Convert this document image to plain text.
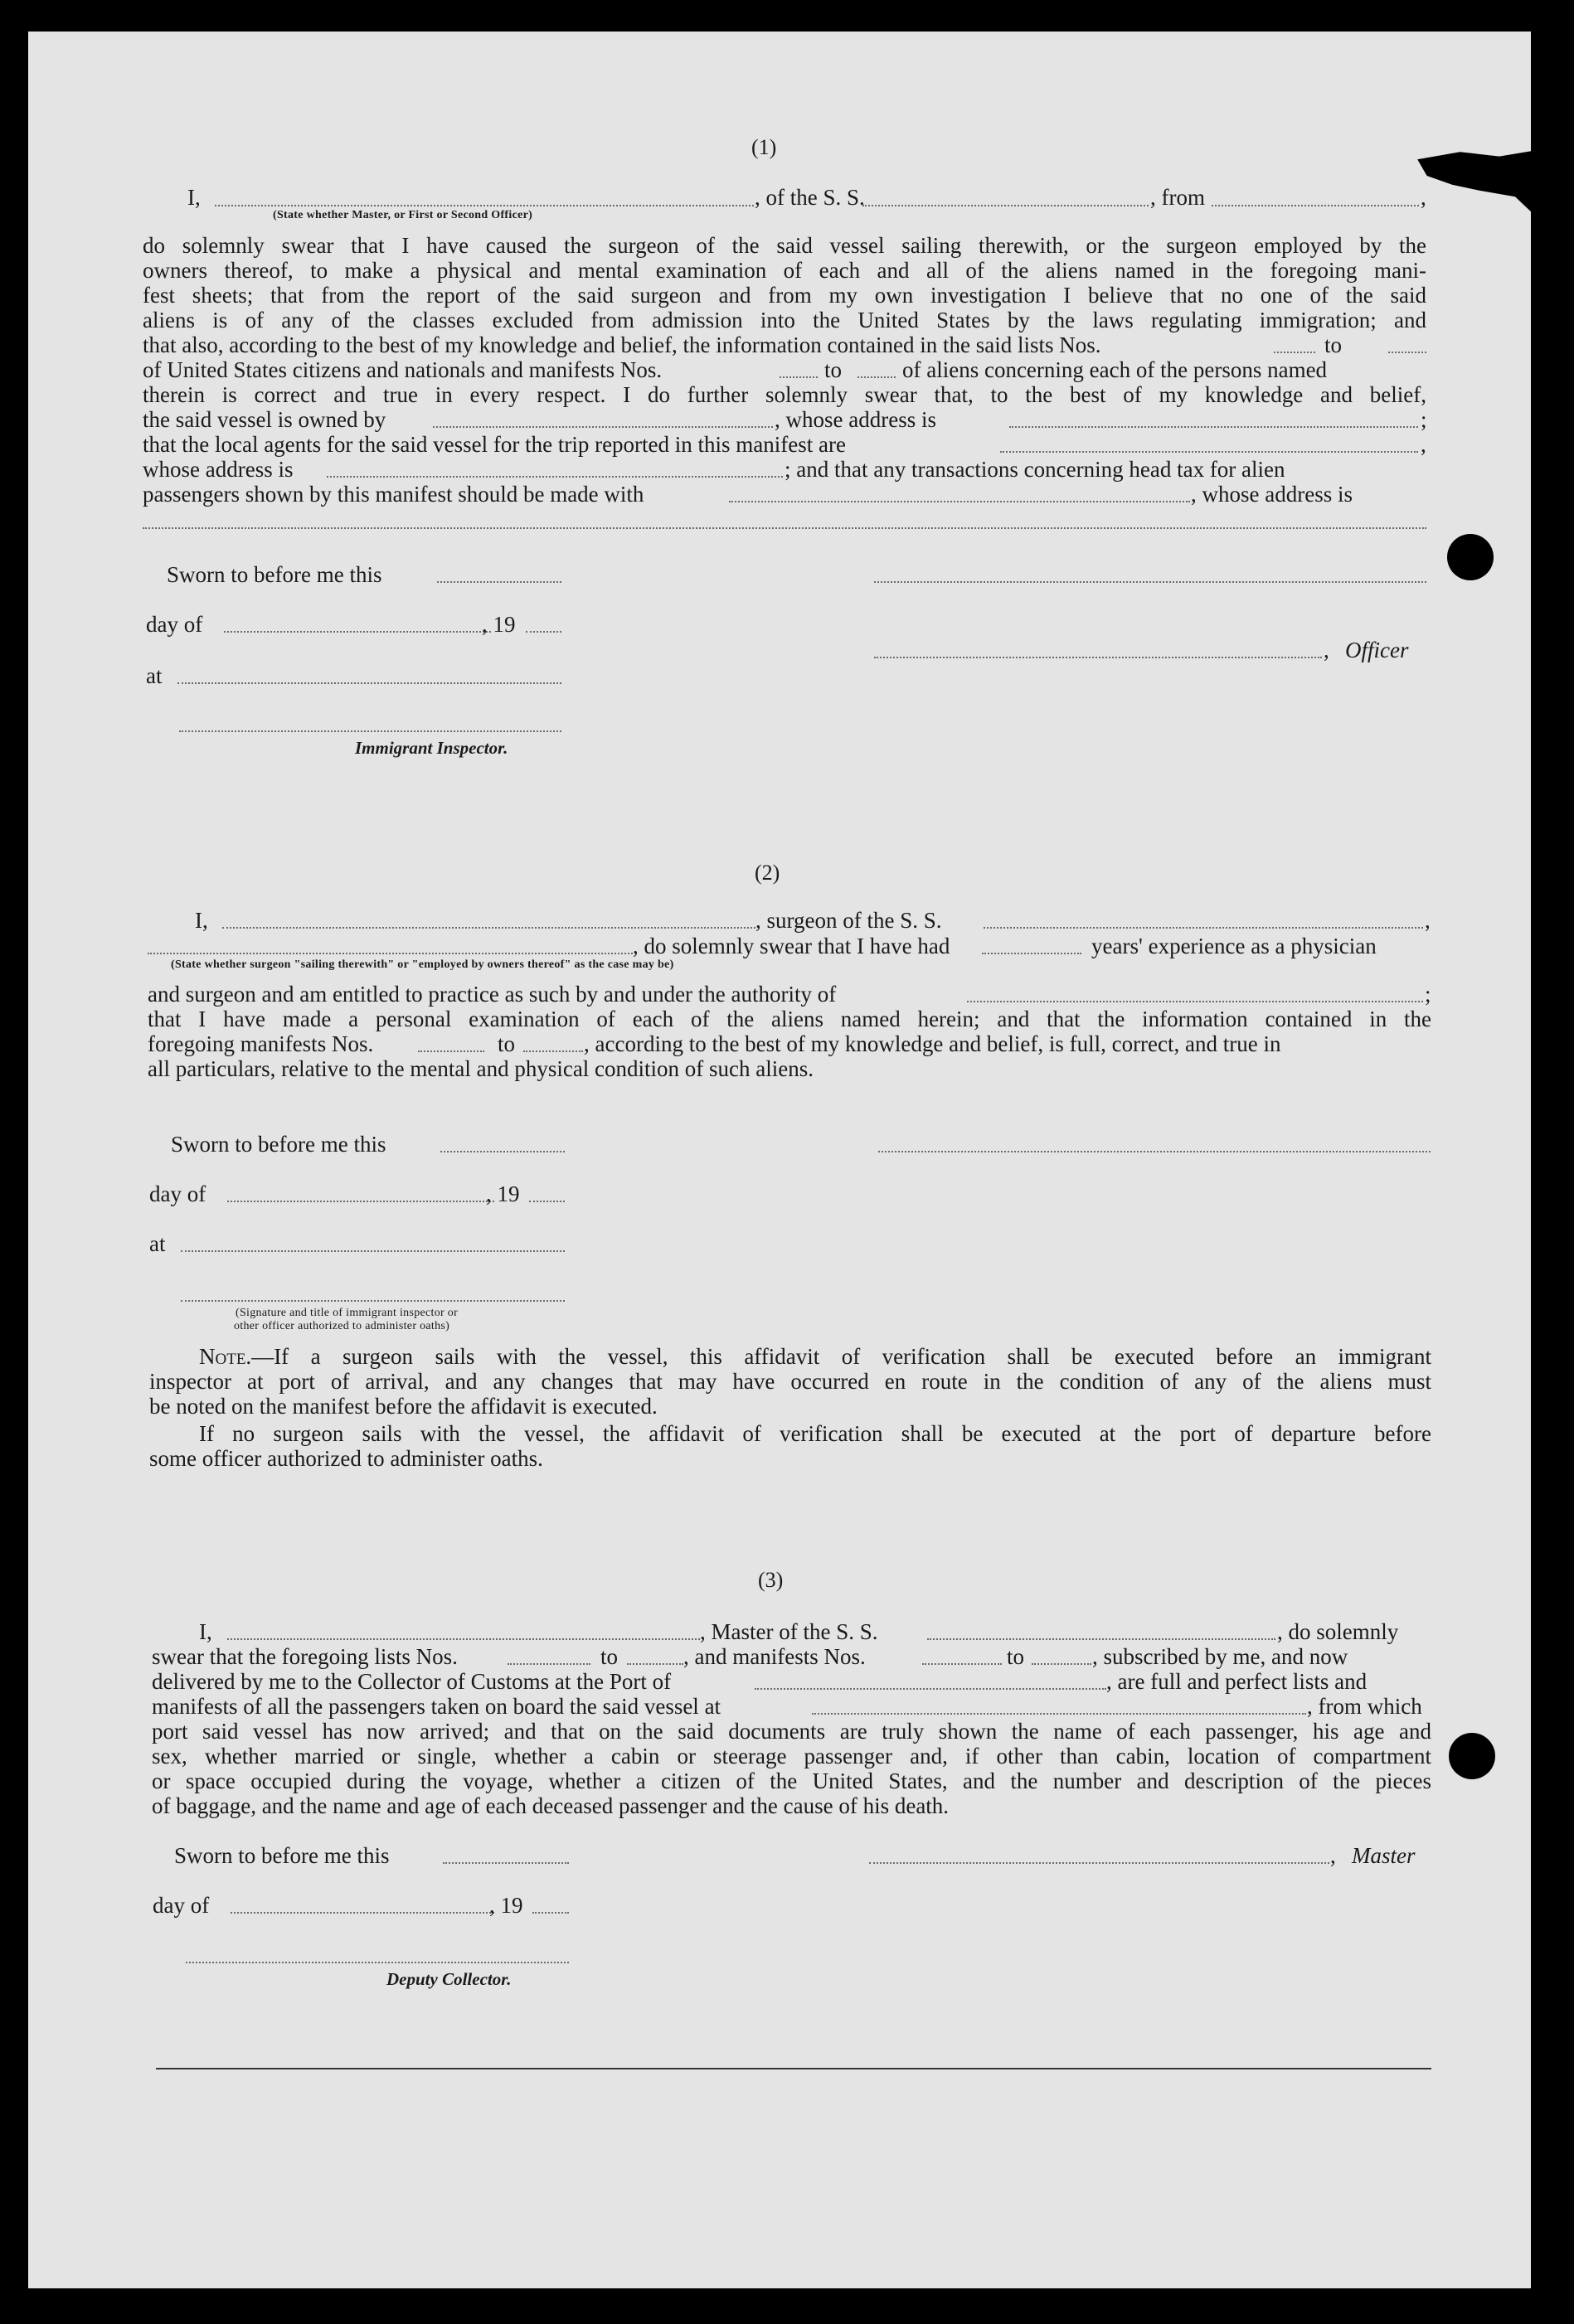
(1)
I,	, of the S. S.	, from	,
(State whether Master, or First or Second Officer)
do solemnly swear that I have caused the surgeon of the said vessel sailing therewith, or the surgeon employed by the
owners thereof, to make a physical and mental examination of each and all of the aliens named in the foregoing mani-
fest sheets; that from the report of the said surgeon and from my own investigation I believe that no one of the said
aliens is of any of the classes excluded from admission into the United States by the laws regulating immigration; and
that also, according to the best of my knowledge and belief, the information contained in the said lists Nos.	to
of United States citizens and nationals and manifests Nos.	to	of aliens concerning each of the persons named
therein is correct and true in every respect. I do further solemnly swear that, to the best of my knowledge and belief,
the said vessel is owned by	, whose address is	;
that the local agents for the said vessel for the trip reported in this manifest are	,
whose address is	; and that any transactions concerning head tax for alien
passengers shown by this manifest should be made with	, whose address is
Sworn to before me this
day of	, 19
, Officer
at
Immigrant Inspector.
(2)
I,	, surgeon of the S. S.	,
, do solemnly swear that I have had	years' experience as a physician
(State whether surgeon "sailing therewith" or "employed by owners thereof" as the case may be)
and surgeon and am entitled to practice as such by and under the authority of	;
that I have made a personal examination of each of the aliens named herein; and that the information contained in the
foregoing manifests Nos.	to	, according to the best of my knowledge and belief, is full, correct, and true in
all particulars, relative to the mental and physical condition of such aliens.
Sworn to before me this
day of	, 19
at
(Signature and title of immigrant inspector or
other officer authorized to administer oaths)
Note.—If a surgeon sails with the vessel, this affidavit of verification shall be executed before an immigrant
inspector at port of arrival, and any changes that may have occurred en route in the condition of any of the aliens must
be noted on the manifest before the affidavit is executed.
If no surgeon sails with the vessel, the affidavit of verification shall be executed at the port of departure before
some officer authorized to administer oaths.
(3)
I,	, Master of the S. S.	, do solemnly
swear that the foregoing lists Nos.	to	, and manifests Nos.	to	, subscribed by me, and now
delivered by me to the Collector of Customs at the Port of	, are full and perfect lists and
manifests of all the passengers taken on board the said vessel at	, from which
port said vessel has now arrived; and that on the said documents are truly shown the name of each passenger, his age and
sex, whether married or single, whether a cabin or steerage passenger and, if other than cabin, location of compartment
or space occupied during the voyage, whether a citizen of the United States, and the number and description of the pieces
of baggage, and the name and age of each deceased passenger and the cause of his death.
Sworn to before me this	, Master
day of	, 19
Deputy Collector.
